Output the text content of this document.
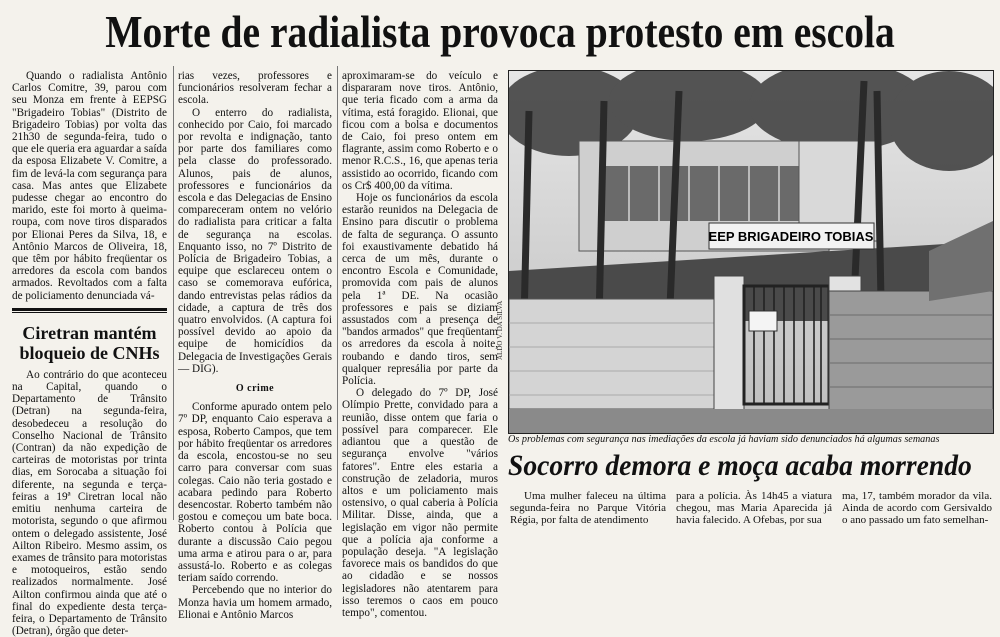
Morte de radialista provoca protesto em escola

Quando o radialista Antônio Carlos Comitre, 39, parou com seu Monza em frente à EEPSG "Brigadeiro Tobias" (Distrito de Brigadeiro Tobias) por volta das 21h30 de segunda-feira, tudo o que ele queria era aguardar a saída da esposa Elizabete V. Comitre, a fim de levá-la com segurança para casa. Mas antes que Elizabete pudesse chegar ao encontro do marido, este foi morto à queima-roupa, com nove tiros disparados por Elionai Peres da Silva, 18, e Antônio Marcos de Oliveira, 18, que têm por hábito freqüentar os arredores da escola com bandos armados. Revoltados com a falta de policiamento denunciada vá-

Ciretran mantém bloqueio de CNHs

Ao contrário do que aconteceu na Capital, quando o Departamento de Trânsito (Detran) na segunda-feira, desobedeceu a resolução do Conselho Nacional de Trânsito (Contran) da não expedição de carteiras de motoristas por trinta dias, em Sorocaba a situação foi diferente, na segunda e terça-feiras a 19ª Ciretran local não emitiu nenhuma carteira de motorista, segundo o que afirmou ontem o delegado assistente, José Ailton Ribeiro. Mesmo assim, os exames de trânsito para motoristas e motoqueiros, estão sendo realizados normalmente. José Ailton confirmou ainda que até o final do expediente desta terça-feira, o Departamento de Trânsito (Detran), órgão que deter-

rias vezes, professores e funcionários resolveram fechar a escola.

O enterro do radialista, conhecido por Caio, foi marcado por revolta e indignação, tanto por parte dos familiares como pela classe do professorado. Alunos, pais de alunos, professores e funcionários da escola e das Delegacias de Ensino compareceram ontem no velório do radialista para criticar a falta de segurança na escolas. Enquanto isso, no 7º Distrito de Polícia de Brigadeiro Tobias, a equipe que esclareceu ontem o caso se comemorava eufórica, dando entrevistas pelas rádios da cidade, a captura de três dos quatro envolvidos. (A captura foi possível devido ao apoio da equipe de homicídios da Delegacia de Investigações Gerais — DIG).

O crime

Conforme apurado ontem pelo 7º DP, enquanto Caio esperava a esposa, Roberto Campos, que tem por hábito freqüentar os arredores da escola, encostou-se no seu carro para conversar com suas colegas. Caio não teria gostado e acabara pedindo para Roberto desencostar. Roberto também não gostou e começou um bate boca. Roberto contou à Polícia que durante a discussão Caio pegou uma arma e atirou para o ar, para assustá-lo. Roberto e as colegas teriam saído correndo.

Percebendo que no interior do Monza havia um homem armado, Elionai e Antônio Marcos

aproximaram-se do veículo e dispararam nove tiros. Antônio, que teria ficado com a arma da vítima, está foragido. Elionai, que ficou com a bolsa e documentos de Caio, foi preso ontem em flagrante, assim como Roberto e o menor R.C.S., 16, que apenas teria assistido ao ocorrido, ficando com os Cr$ 400,00 da vítima.

Hoje os funcionários da escola estarão reunidos na Delegacia de Ensino para discutir o problema de falta de segurança. O assunto foi exaustivamente debatido há cerca de um mês, durante o encontro Escola e Comunidade, promovida com pais de alunos pela 1ª DE. Na ocasião professores e pais se diziam assustados com a presença de "bandos armados" que freqüentam os arredores da escola à noite, roubando e dando tiros, sem qualquer represália por parte da Polícia.

O delegado do 7º DP, José Olímpio Prette, convidado para a reunião, disse ontem que faria o possível para comparecer. Ele adiantou que a questão de segurança envolve "vários fatores". Entre eles estaria a construção de zeladoria, muros altos e um policiamento mais ostensivo, o qual caberia à Polícia Militar. Disse, ainda, que a legislação em vigor não permite que a polícia aja conforme a população deseja. "A legislação favorece mais os bandidos do que ao cidadão e se nossos legisladores não atentarem para isso teremos o caos em pouco tempo", comentou.

EEP BRIGADEIRO TOBIAS
ALDO V. DA SILVA
Os problemas com segurança nas imediações da escola já haviam sido denunciados há algumas semanas
Socorro demora e moça acaba morrendo

Uma mulher faleceu na última segunda-feira no Parque Vitória Régia, por falta de atendimento

para a polícia. Às 14h45 a viatura chegou, mas Maria Aparecida já havia falecido. A Ofebas, por sua

ma, 17, também morador da vila. Ainda de acordo com Gersivaldo o ano passado um fato semelhan-
